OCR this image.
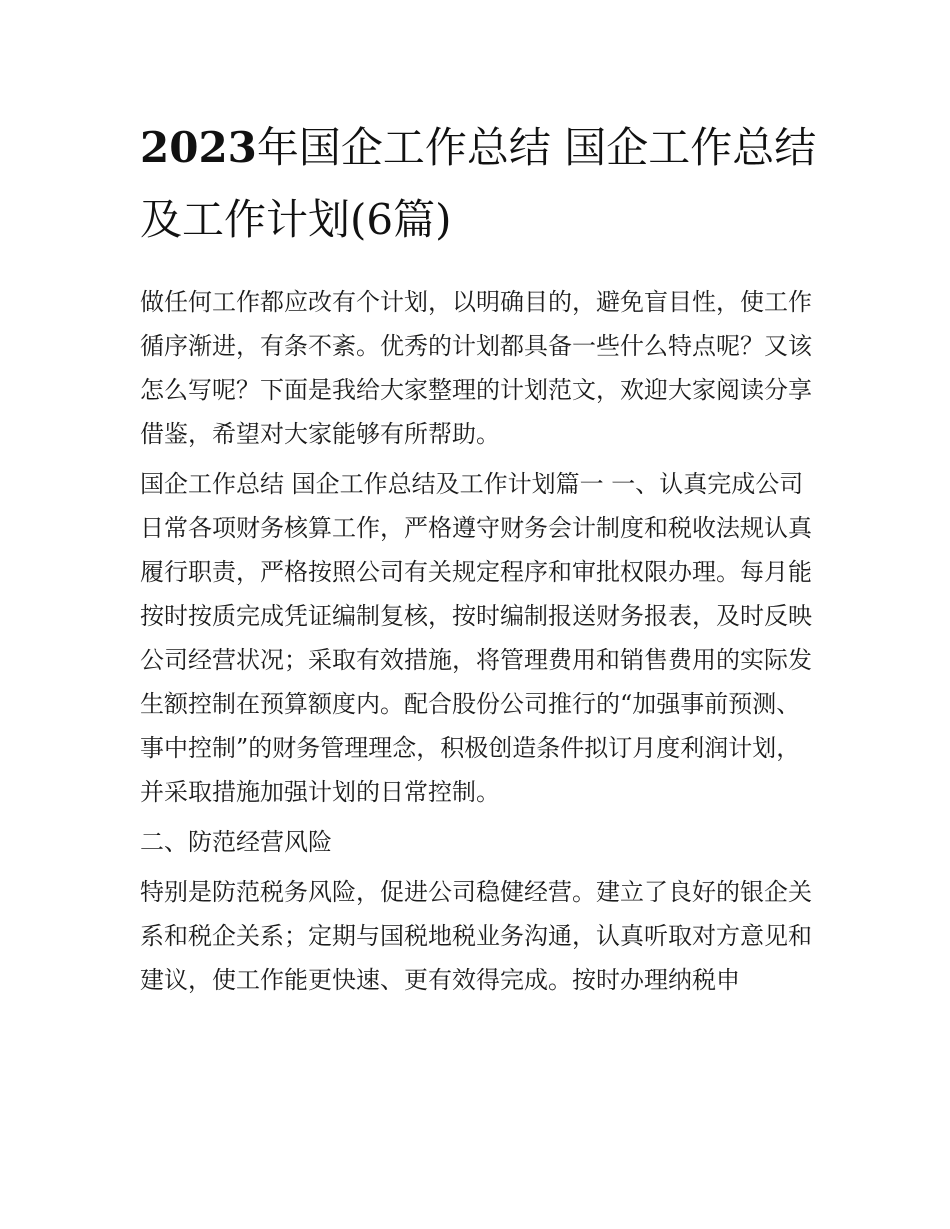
2023年国企工作总结 国企工作总结及工作计划(6篇)

做任何工作都应改有个计划，以明确目的，避免盲目性，使工作循序渐进，有条不紊。优秀的计划都具备一些什么特点呢？又该怎么写呢？下面是我给大家整理的计划范文，欢迎大家阅读分享借鉴，希望对大家能够有所帮助。

国企工作总结 国企工作总结及工作计划篇一 一、认真完成公司日常各项财务核算工作，严格遵守财务会计制度和税收法规认真履行职责，严格按照公司有关规定程序和审批权限办理。每月能按时按质完成凭证编制复核，按时编制报送财务报表，及时反映公司经营状况；采取有效措施，将管理费用和销售费用的实际发生额控制在预算额度内。配合股份公司推行的“加强事前预测、事中控制”的财务管理理念，积极创造条件拟订月度利润计划，并采取措施加强计划的日常控制。

二、防范经营风险

特别是防范税务风险，促进公司稳健经营。建立了良好的银企关系和税企关系；定期与国税地税业务沟通，认真听取对方意见和建议，使工作能更快速、更有效得完成。按时办理纳税申
